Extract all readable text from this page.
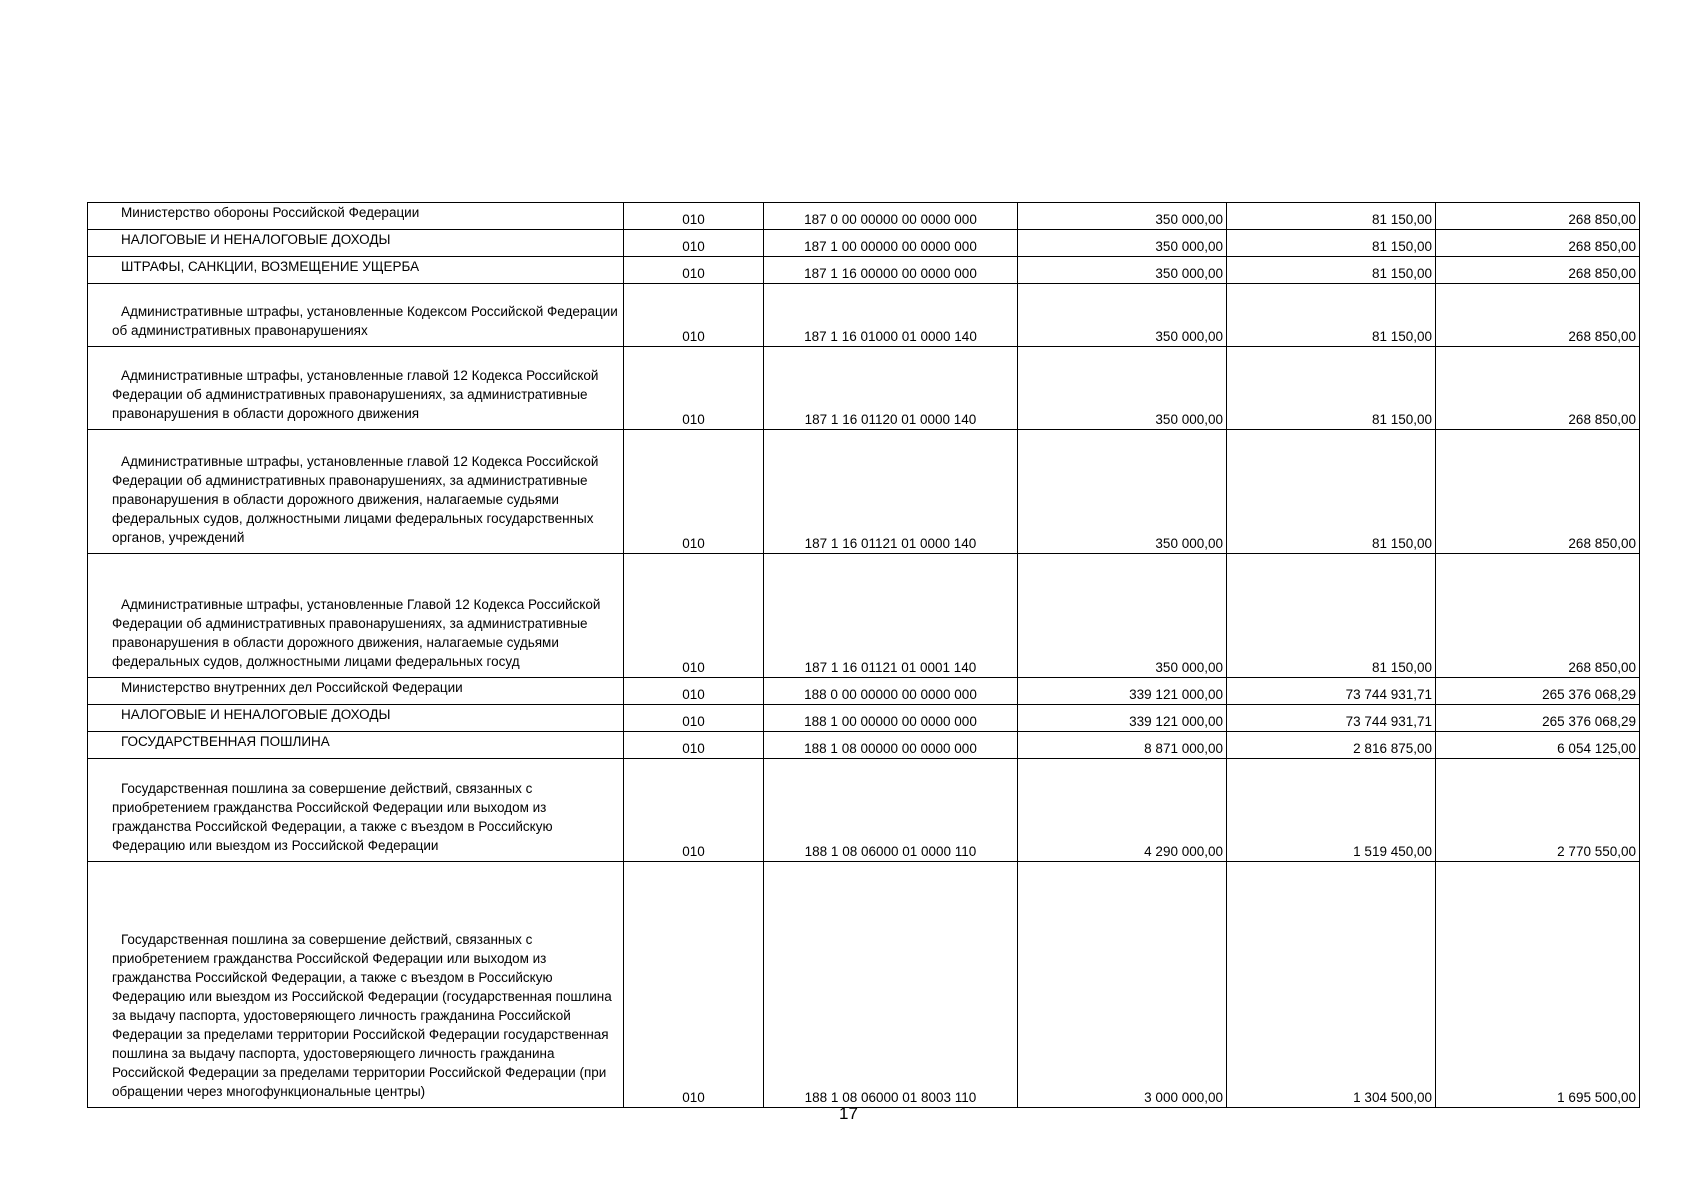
Министерство обороны Российской Федерации	010	187 0 00 00000 00 0000 000	350 000,00	81 150,00	268 850,00

НАЛОГОВЫЕ И НЕНАЛОГОВЫЕ ДОХОДЫ	010	187 1 00 00000 00 0000 000	350 000,00	81 150,00	268 850,00

ШТРАФЫ, САНКЦИИ, ВОЗМЕЩЕНИЕ УЩЕРБА	010	187 1 16 00000 00 0000 000	350 000,00	81 150,00	268 850,00

Административные штрафы, установленные Кодексом Российской Федерации об административных правонарушениях	010	187 1 16 01000 01 0000 140	350 000,00	81 150,00	268 850,00

Административные штрафы, установленные главой 12 Кодекса Российской Федерации об административных правонарушениях, за административные правонарушения в области дорожного движения	010	187 1 16 01120 01 0000 140	350 000,00	81 150,00	268 850,00

Административные штрафы, установленные главой 12 Кодекса Российской Федерации об административных правонарушениях, за административные правонарушения в области дорожного движения, налагаемые судьями федеральных судов, должностными лицами федеральных государственных органов, учреждений	010	187 1 16 01121 01 0000 140	350 000,00	81 150,00	268 850,00

Административные штрафы, установленные Главой 12 Кодекса Российской Федерации об административных правонарушениях, за административные правонарушения в области дорожного движения, налагаемые судьями федеральных судов, должностными лицами федеральных госуд	010	187 1 16 01121 01 0001 140	350 000,00	81 150,00	268 850,00

Министерство внутренних дел Российской Федерации	010	188 0 00 00000 00 0000 000	339 121 000,00	73 744 931,71	265 376 068,29

НАЛОГОВЫЕ И НЕНАЛОГОВЫЕ ДОХОДЫ	010	188 1 00 00000 00 0000 000	339 121 000,00	73 744 931,71	265 376 068,29

ГОСУДАРСТВЕННАЯ ПОШЛИНА	010	188 1 08 00000 00 0000 000	8 871 000,00	2 816 875,00	6 054 125,00

Государственная пошлина за совершение действий, связанных с приобретением гражданства Российской Федерации или выходом из гражданства Российской Федерации, а также с въездом в Российскую Федерацию или выездом из Российской Федерации	010	188 1 08 06000 01 0000 110	4 290 000,00	1 519 450,00	2 770 550,00

Государственная пошлина за совершение действий, связанных с приобретением гражданства Российской Федерации или выходом из гражданства Российской Федерации, а также с въездом в Российскую Федерацию или выездом из Российской Федерации (государственная пошлина за выдачу паспорта, удостоверяющего личность гражданина Российской Федерации за пределами территории Российской Федерации государственная пошлина за выдачу паспорта, удостоверяющего личность гражданина Российской Федерации за пределами территории Российской Федерации (при обращении через многофункциональные центры)	010	188 1 08 06000 01 8003 110	3 000 000,00	1 304 500,00	1 695 500,00
17
